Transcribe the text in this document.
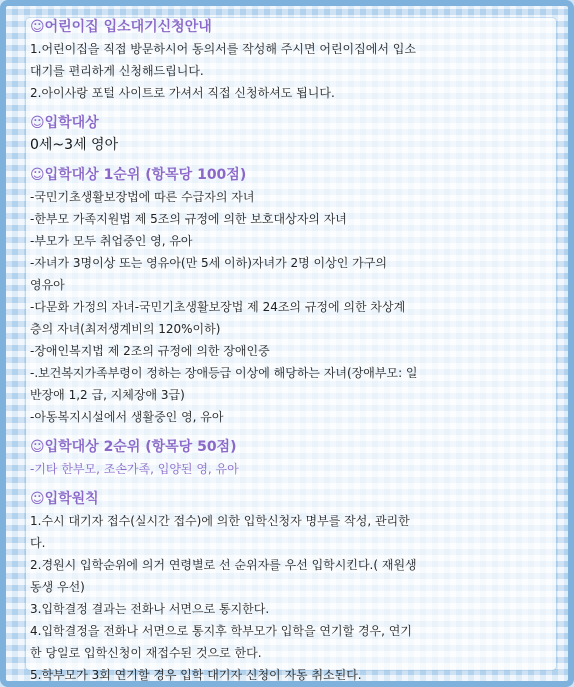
☺어린이집 입소대기신청안내
1.어린이집을 직접 방문하시어 동의서를 작성해 주시면 어린이집에서 입소
대기를 편리하게 신청해드립니다.
2.아이사랑 포털 사이트로 가셔서 직접 신청하셔도 됩니다.
☺입학대상
0세~3세 영아
☺입학대상 1순위 (항목당 100점)
-국민기초생활보장법에 따른 수급자의 자녀
-한부모 가족지원법 제 5조의 규정에 의한 보호대상자의 자녀
-부모가 모두 취업중인 영, 유아
-자녀가 3명이상 또는 영유아(만 5세 이하)자녀가 2명 이상인 가구의
영유아
-다문화 가정의 자녀-국민기초생활보장법 제 24조의 규정에 의한 차상계
층의 자녀(최저생계비의 120%이하)
-장애인복지법 제 2조의 규정에 의한 장애인중
-.보건복지가족부령이 정하는 장애등급 이상에 해당하는 자녀(장애부모: 일
반장애 1,2 급, 지체장애 3급)
-아동복지시설에서 생활중인 영, 유아
☺입학대상 2순위 (항목당 50점)
-기타 한부모, 조손가족, 입양된 영, 유아
☺입학원칙
1.수시 대기자 접수(실시간 접수)에 의한 입학신청자 명부를 작성, 관리한
다.
2.경원시 입학순위에 의거 연령별로 선 순위자를 우선 입학시킨다.( 재원생
동생 우선)
3.입학결정 결과는 전화나 서면으로 통지한다.
4.입학결정을 전화나 서면으로 통지후 학부모가 입학을 연기할 경우, 연기
한 당일로 입학신청이 재접수된 것으로 한다.
5.학부모가 3회 연기할 경우 입학 대기자 신청이 자동 취소된다.
